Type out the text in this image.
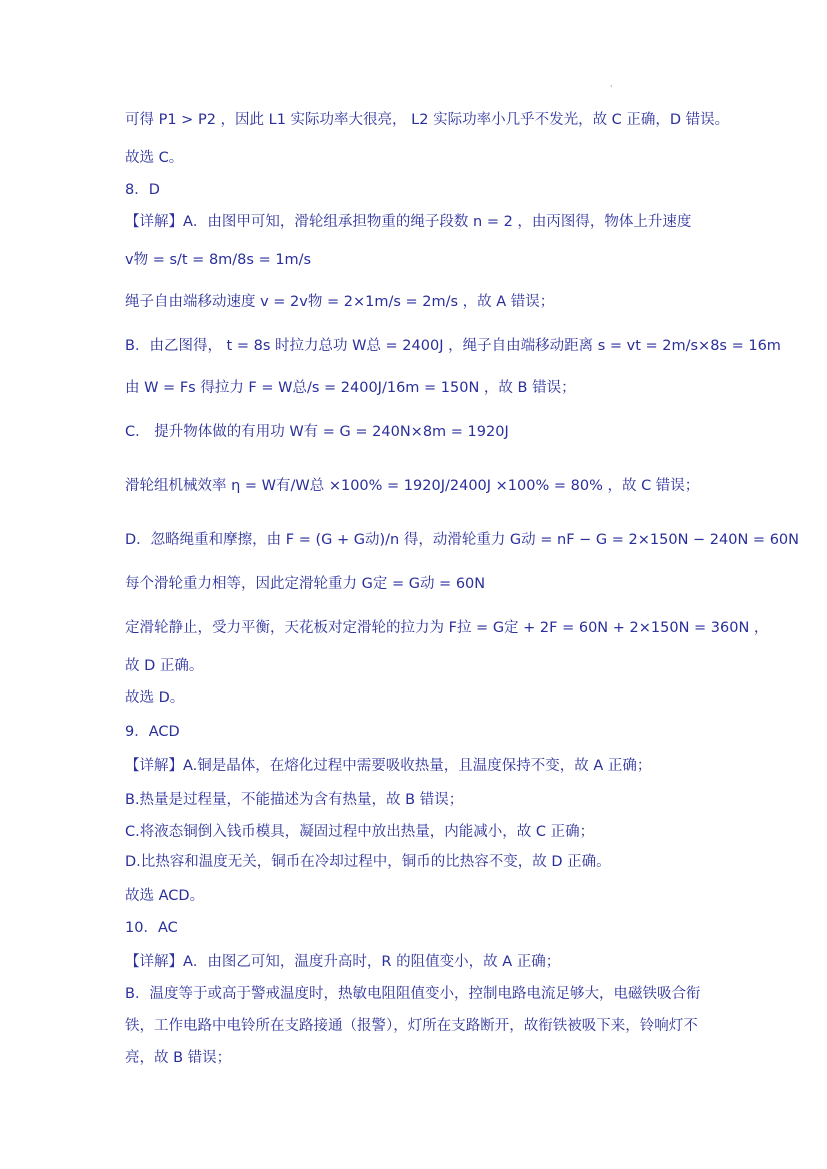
·
可得 P1 > P2 ，因此 L1 实际功率大很亮， L2 实际功率小几乎不发光，故 C 正确，D 错误。
故选 C。
8．D
【详解】A．由图甲可知，滑轮组承担物重的绳子段数 n = 2 ，由丙图得，物体上升速度
v物 = s/t = 8m/8s = 1m/s
绳子自由端移动速度 v = 2v物 = 2×1m/s = 2m/s ，故 A 错误；
B．由乙图得， t = 8s 时拉力总功 W总 = 2400J ，绳子自由端移动距离 s = vt = 2m/s×8s = 16m
由 W = Fs 得拉力 F = W总/s = 2400J/16m = 150N ，故 B 错误；
C． 提升物体做的有用功 W有 = G = 240N×8m = 1920J
滑轮组机械效率 η = W有/W总 ×100% = 1920J/2400J ×100% = 80% ，故 C 错误；
D．忽略绳重和摩擦，由 F = (G + G动)/n 得，动滑轮重力 G动 = nF − G = 2×150N − 240N = 60N
每个滑轮重力相等，因此定滑轮重力 G定 = G动 = 60N
定滑轮静止，受力平衡，天花板对定滑轮的拉力为 F拉 = G定 + 2F = 60N + 2×150N = 360N ，
故 D 正确。
故选 D。
9．ACD
【详解】A.铜是晶体，在熔化过程中需要吸收热量，且温度保持不变，故 A 正确；
B.热量是过程量，不能描述为含有热量，故 B 错误；
C.将液态铜倒入钱币模具，凝固过程中放出热量，内能减小，故 C 正确；
D.比热容和温度无关，铜币在冷却过程中，铜币的比热容不变，故 D 正确。
故选 ACD。
10．AC
【详解】A．由图乙可知，温度升高时，R 的阻值变小，故 A 正确；
B．温度等于或高于警戒温度时，热敏电阻阻值变小，控制电路电流足够大，电磁铁吸合衔
铁，工作电路中电铃所在支路接通（报警），灯所在支路断开，故衔铁被吸下来，铃响灯不
亮，故 B 错误；
